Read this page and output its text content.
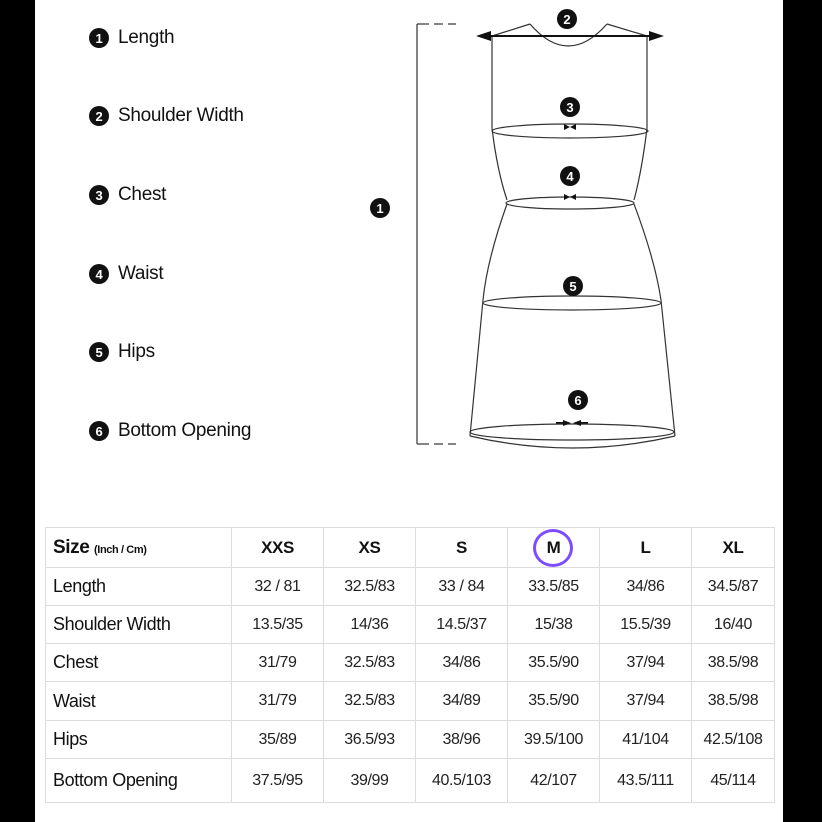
1 Length
2 Shoulder Width
3 Chest
4 Waist
5 Hips
6 Bottom Opening
1
2
3
4
5
6
Size (Inch / Cm)	XXS	XS	S	M	L	XL
Length	32 / 81	32.5/83	33 / 84	33.5/85	34/86	34.5/87
Shoulder Width	13.5/35	14/36	14.5/37	15/38	15.5/39	16/40
Chest	31/79	32.5/83	34/86	35.5/90	37/94	38.5/98
Waist	31/79	32.5/83	34/89	35.5/90	37/94	38.5/98
Hips	35/89	36.5/93	38/96	39.5/100	41/104	42.5/108
Bottom Opening	37.5/95	39/99	40.5/103	42/107	43.5/111	45/114
